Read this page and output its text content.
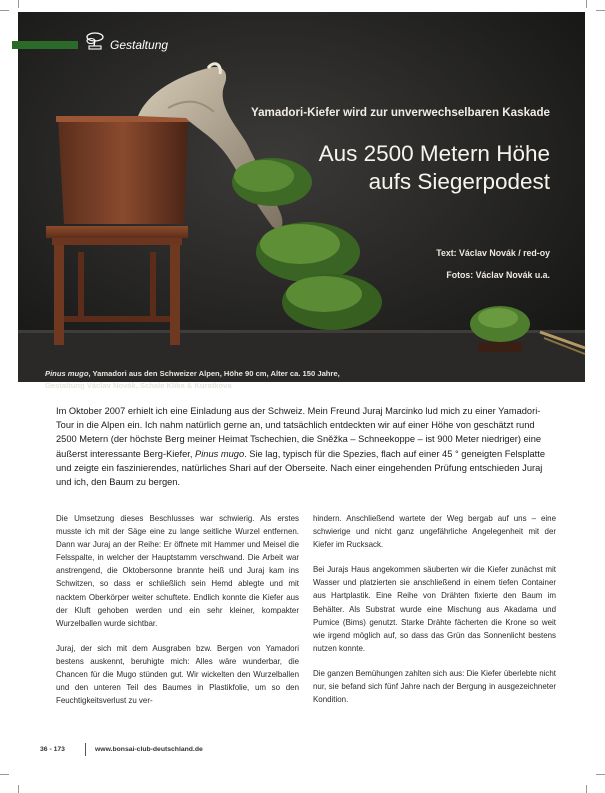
Yamadori-Kiefer wird zur unverwechselbaren Kaskade
Aus 2500 Metern Höhe
aufs Siegerpodest
Text: Václav Novák / red-oy
Fotos: Václav Novák u.a.
Pinus mugo, Yamadori aus den Schweizer Alpen, Höhe 90 cm, Alter ca. 150 Jahre,
Gestaltung Václav Novák, Schale Klika & Kuratkova
Gestaltung
Im Oktober 2007 erhielt ich eine Einladung aus der Schweiz. Mein Freund Juraj Marcinko lud mich zu einer Yamadori-Tour in die Alpen ein. Ich nahm natürlich gerne an, und tatsächlich entdeckten wir auf einer Höhe von geschätzt rund 2500 Metern (der höchste Berg meiner Heimat Tschechien, die Sněžka – Schneekoppe – ist 900 Meter niedriger) eine äußerst interessante Berg-Kiefer, Pinus mugo. Sie lag, typisch für die Spezies, flach auf einer 45 ° geneigten Felsplatte und zeigte ein faszinierendes, natürliches Shari auf der Oberseite. Nach einer eingehenden Prüfung entschieden Juraj und ich, den Baum zu bergen.

Die Umsetzung dieses Beschlusses war schwierig. Als erstes musste ich mit der Säge eine zu lange seitliche Wurzel entfernen. Dann war Juraj an der Reihe: Er öffnete mit Hammer und Meisel die Felsspalte, in welcher der Hauptstamm verschwand. Die Arbeit war anstrengend, die Oktobersonne brannte heiß und Juraj kam ins Schwitzen, so dass er schließlich sein Hemd ablegte und mit nacktem Oberkörper weiter schuftete. Endlich konnte die Kiefer aus der Kluft gehoben werden und ein sehr kleiner, kompakter Wurzelballen wurde sichtbar.

Juraj, der sich mit dem Ausgraben bzw. Bergen von Yamadori bestens auskennt, beruhigte mich: Alles wäre wunderbar, die Chancen für die Mugo stünden gut. Wir wickelten den Wurzelballen und den unteren Teil des Baumes in Plastikfolie, um so den Feuchtigkeitsverlust zu ver-

hindern. Anschließend wartete der Weg bergab auf uns – eine schwierige und nicht ganz ungefährliche Angelegenheit mit der Kiefer im Rucksack.

Bei Jurajs Haus angekommen säuberten wir die Kiefer zunächst mit Wasser und platzierten sie anschließend in einem tiefen Container aus Hartplastik. Eine Reihe von Drähten fixierte den Baum im Behälter. Als Substrat wurde eine Mischung aus Akadama und Pumice (Bims) genutzt. Starke Drähte fächerten die Krone so weit wie irgend möglich auf, so dass das Grün das Sonnenlicht bestens nutzen konnte.

Die ganzen Bemühungen zahlten sich aus: Die Kiefer überlebte nicht nur, sie befand sich fünf Jahre nach der Bergung in ausgezeichneter Kondition.

36 - 173	www.bonsai-club-deutschland.de
